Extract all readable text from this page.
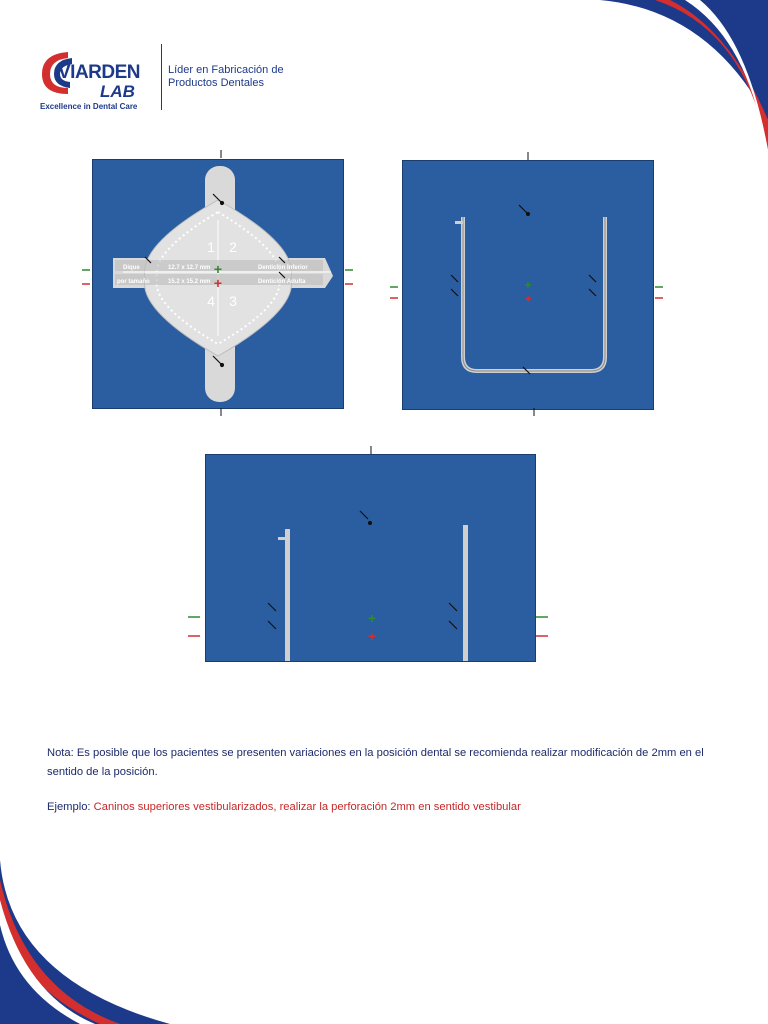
VIARDEN
LAB
Excellence in Dental Care
Líder en Fabricación de
Productos Dentales
+
+
1 2
4 3
Dique	12.7 x 12.7 mm	Dentición Inferior
por tamaño	15.2 x 15.2 mm	Dentición Adulta	+
+
+
+
Nota: Es posible que los pacientes se presenten variaciones en la posición dental se recomienda realizar modificación de 2mm en el sentido de la posición.
Ejemplo: Caninos superiores vestibularizados, realizar la perforación 2mm en sentido vestibular
